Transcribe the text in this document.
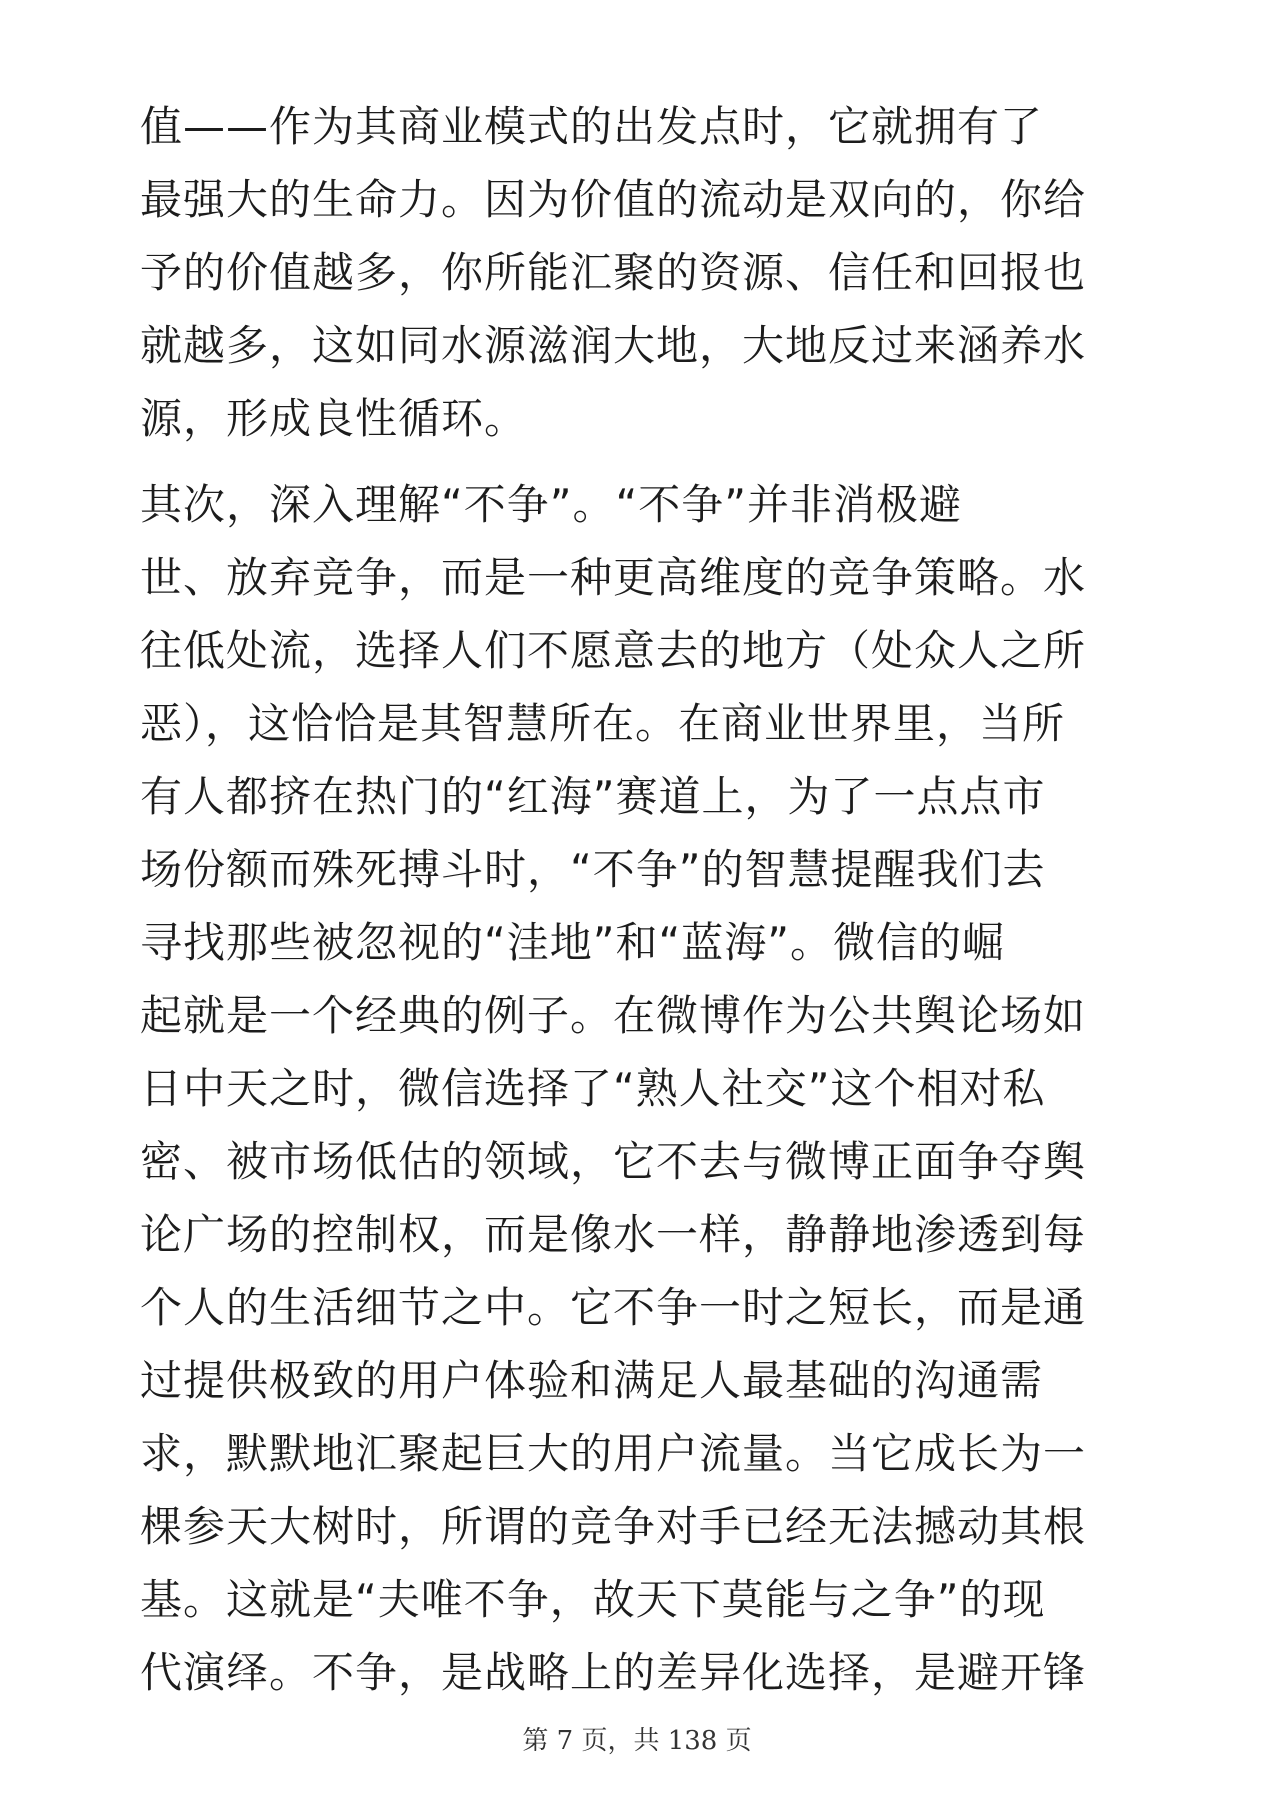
值——作为其商业模式的出发点时，它就拥有了
最强大的生命力。因为价值的流动是双向的，你给
予的价值越多，你所能汇聚的资源、信任和回报也
就越多，这如同水源滋润大地，大地反过来涵养水
源，形成良性循环。
其次，深入理解“不争”。“不争”并非消极避
世、放弃竞争，而是一种更高维度的竞争策略。水
往低处流，选择人们不愿意去的地方（处众人之所
恶），这恰恰是其智慧所在。在商业世界里，当所
有人都挤在热门的“红海”赛道上，为了一点点市
场份额而殊死搏斗时，“不争”的智慧提醒我们去
寻找那些被忽视的“洼地”和“蓝海”。微信的崛
起就是一个经典的例子。在微博作为公共舆论场如
日中天之时，微信选择了“熟人社交”这个相对私
密、被市场低估的领域，它不去与微博正面争夺舆
论广场的控制权，而是像水一样，静静地渗透到每
个人的生活细节之中。它不争一时之短长，而是通
过提供极致的用户体验和满足人最基础的沟通需
求，默默地汇聚起巨大的用户流量。当它成长为一
棵参天大树时，所谓的竞争对手已经无法撼动其根
基。这就是“夫唯不争，故天下莫能与之争”的现
代演绎。不争，是战略上的差异化选择，是避开锋
第 7 页，共 138 页
